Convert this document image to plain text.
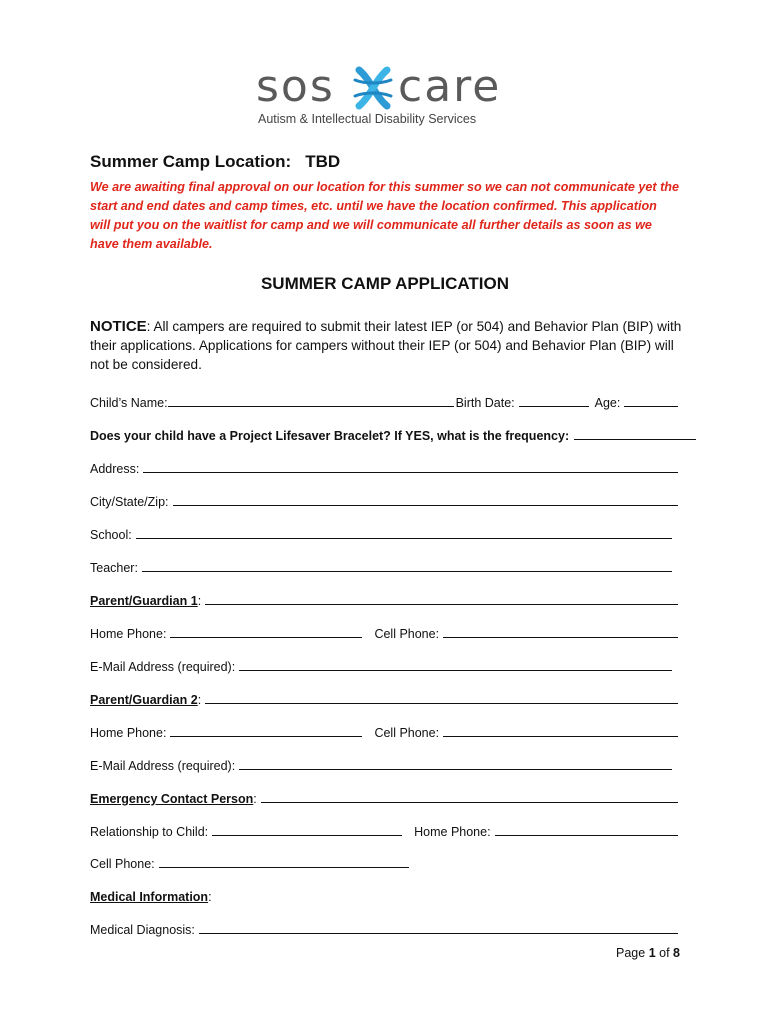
sos care
Autism & Intellectual Disability Services
Summer Camp Location: TBD
We are awaiting final approval on our location for this summer so we can not communicate yet the start and end dates and camp times, etc. until we have the location confirmed. This application will put you on the waitlist for camp and we will communicate all further details as soon as we have them available.
SUMMER CAMP APPLICATION
NOTICE: All campers are required to submit their latest IEP (or 504) and Behavior Plan (BIP) with their applications. Applications for campers without their IEP (or 504) and Behavior Plan (BIP) will not be considered.
Child’s Name:	Birth Date:	Age:
Does your child have a Project Lifesaver Bracelet? If YES, what is the frequency:
Address:
City/State/Zip:
School:
Teacher:
Parent/Guardian 1 :
Home Phone:	Cell Phone:
E-Mail Address (required):
Parent/Guardian 2 :
Home Phone:	Cell Phone:
E-Mail Address (required):
Emergency Contact Person :
Relationship to Child:	Home Phone:
Cell Phone:
Medical Information :
Medical Diagnosis:
Page 1 of 8
